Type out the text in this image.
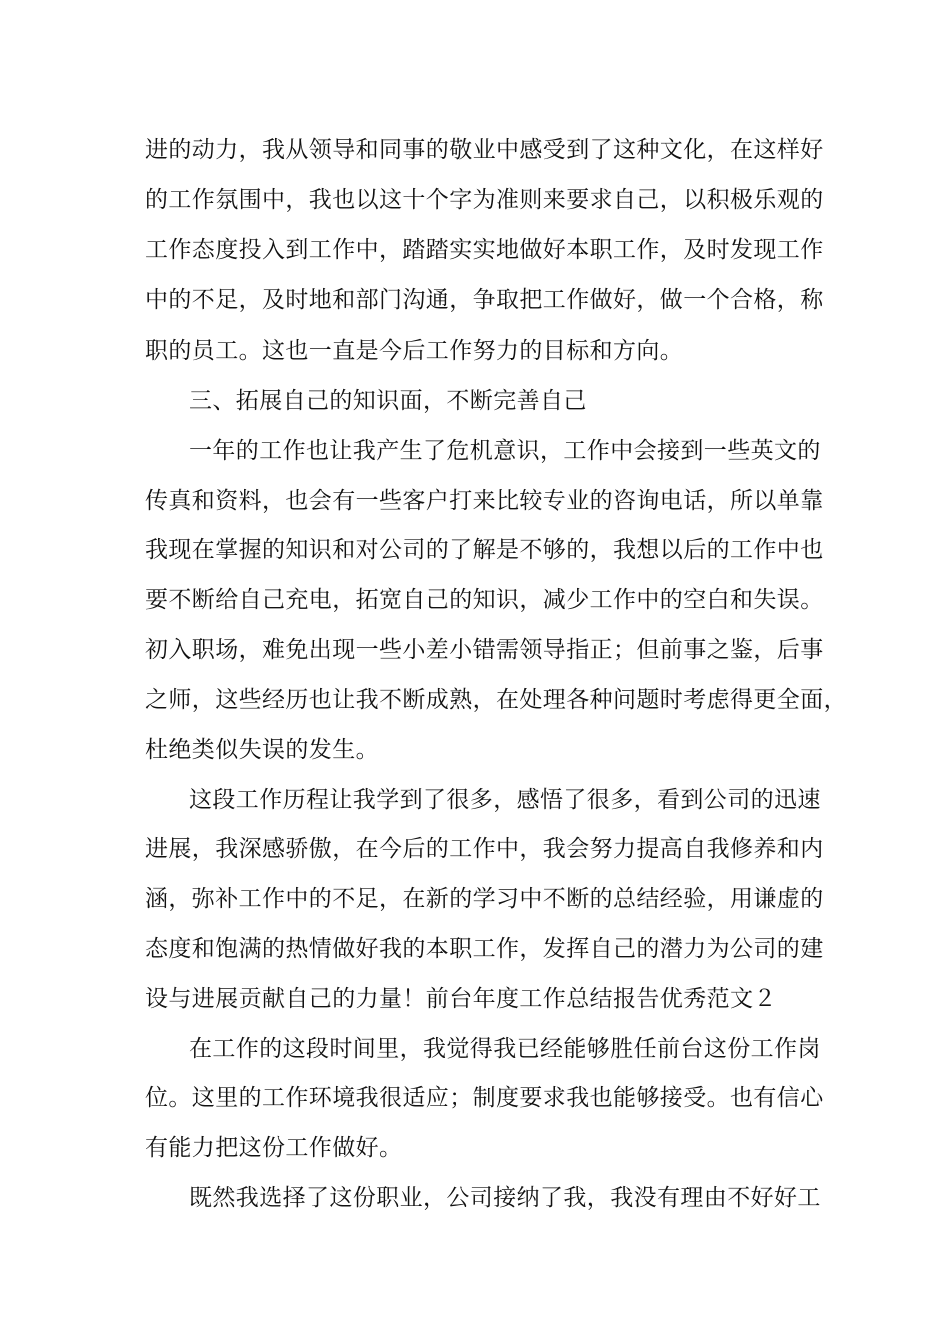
进的动力，我从领导和同事的敬业中感受到了这种文化，在这样好
的工作氛围中，我也以这十个字为准则来要求自己，以积极乐观的
工作态度投入到工作中，踏踏实实地做好本职工作，及时发现工作
中的不足，及时地和部门沟通，争取把工作做好，做一个合格，称
职的员工。这也一直是今后工作努力的目标和方向。
三、拓展自己的知识面，不断完善自己
一年的工作也让我产生了危机意识，工作中会接到一些英文的
传真和资料，也会有一些客户打来比较专业的咨询电话，所以单靠
我现在掌握的知识和对公司的了解是不够的，我想以后的工作中也
要不断给自己充电，拓宽自己的知识，减少工作中的空白和失误。
初入职场，难免出现一些小差小错需领导指正；但前事之鉴，后事
之师，这些经历也让我不断成熟，在处理各种问题时考虑得更全面，
杜绝类似失误的发生。
这段工作历程让我学到了很多，感悟了很多，看到公司的迅速
进展，我深感骄傲，在今后的工作中，我会努力提高自我修养和内
涵，弥补工作中的不足，在新的学习中不断的总结经验，用谦虚的
态度和饱满的热情做好我的本职工作，发挥自己的潜力为公司的建
设与进展贡献自己的力量！前台年度工作总结报告优秀范文２
在工作的这段时间里，我觉得我已经能够胜任前台这份工作岗
位。这里的工作环境我很适应；制度要求我也能够接受。也有信心
有能力把这份工作做好。
既然我选择了这份职业，公司接纳了我，我没有理由不好好工
